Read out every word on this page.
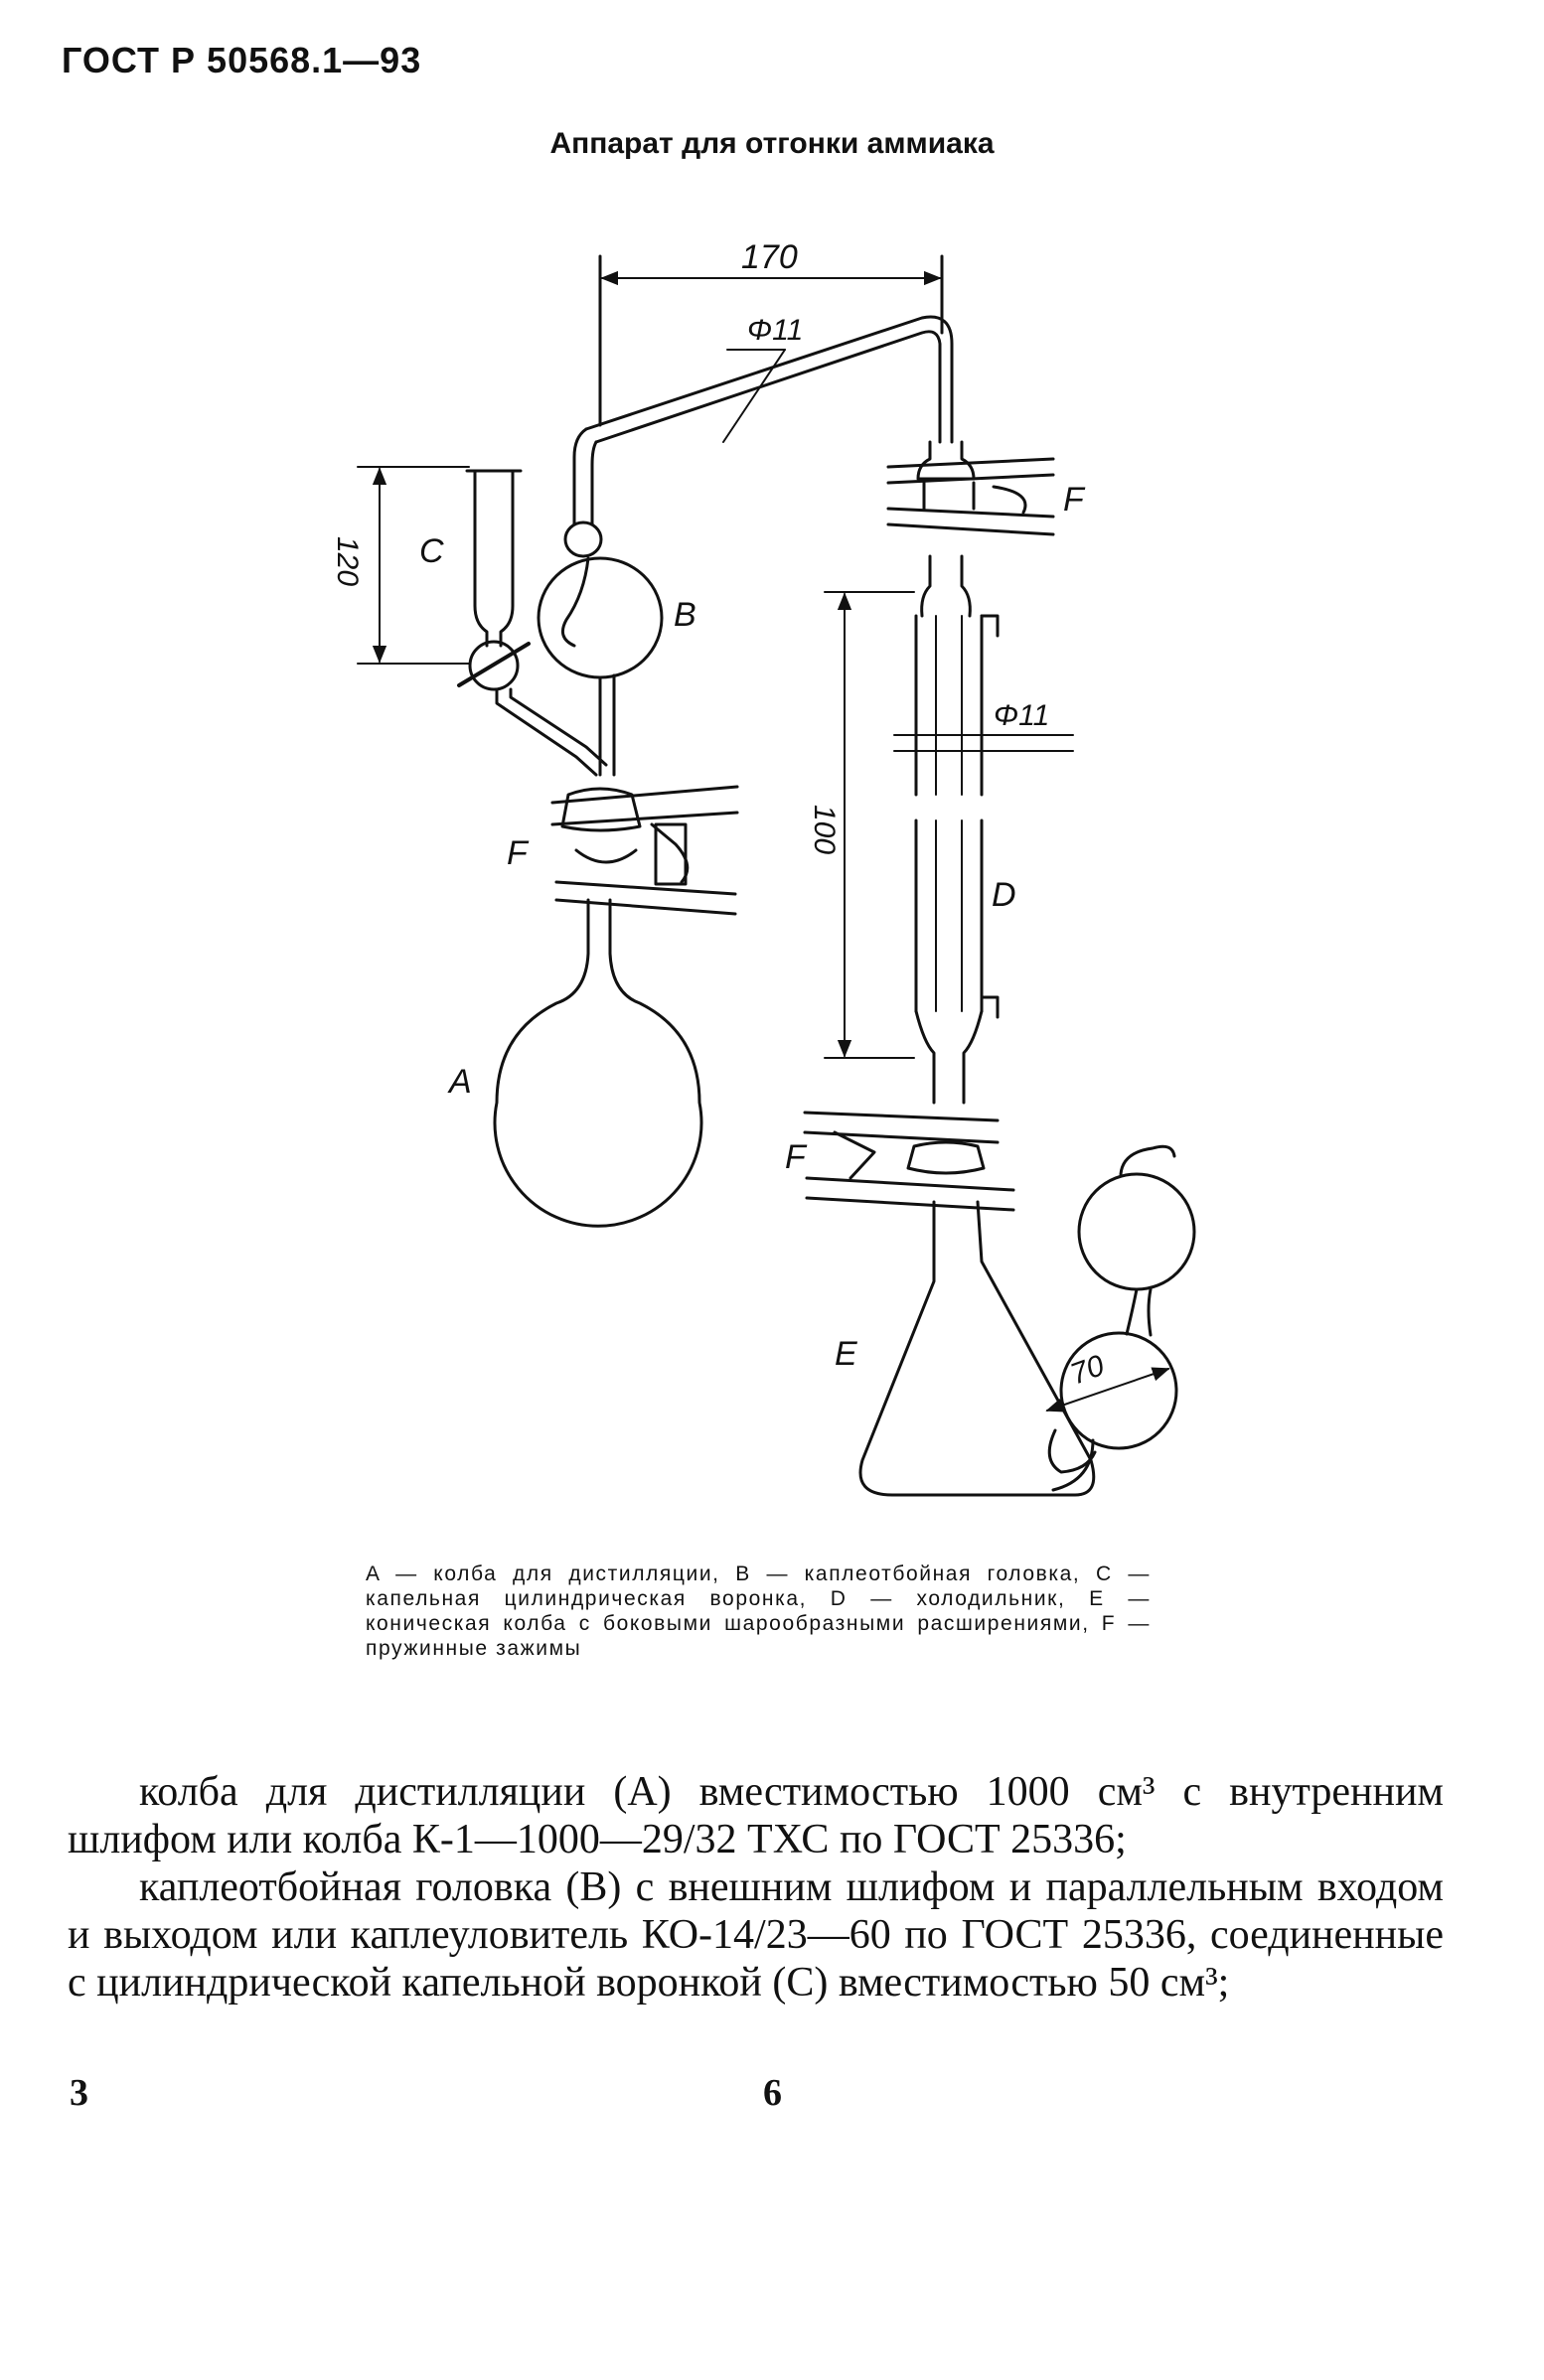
ГОСТ Р 50568.1—93
Аппарат для отгонки аммиака
A
B
C
D
E
F
F
F
170
Φ11
120
Φ11
100
70

A — колба для дистилляции, B — каплеотбойная головка, C — капельная цилиндрическая воронка, D — холодильник, E — коническая колба с боковыми шарообразными расширениями, F — пружинные зажимы

колба для дистилляции (A) вместимостью 1000 см³ с внутренним шлифом или колба К-1—1000—29/32 ТХС по ГОСТ 25336;

каплеотбойная головка (B) с внешним шлифом и параллельным входом и выходом или каплеуловитель КО-14/23—60 по ГОСТ 25336, соединенные с цилиндрической капельной воронкой (C) вместимостью 50 см³;

3	6
